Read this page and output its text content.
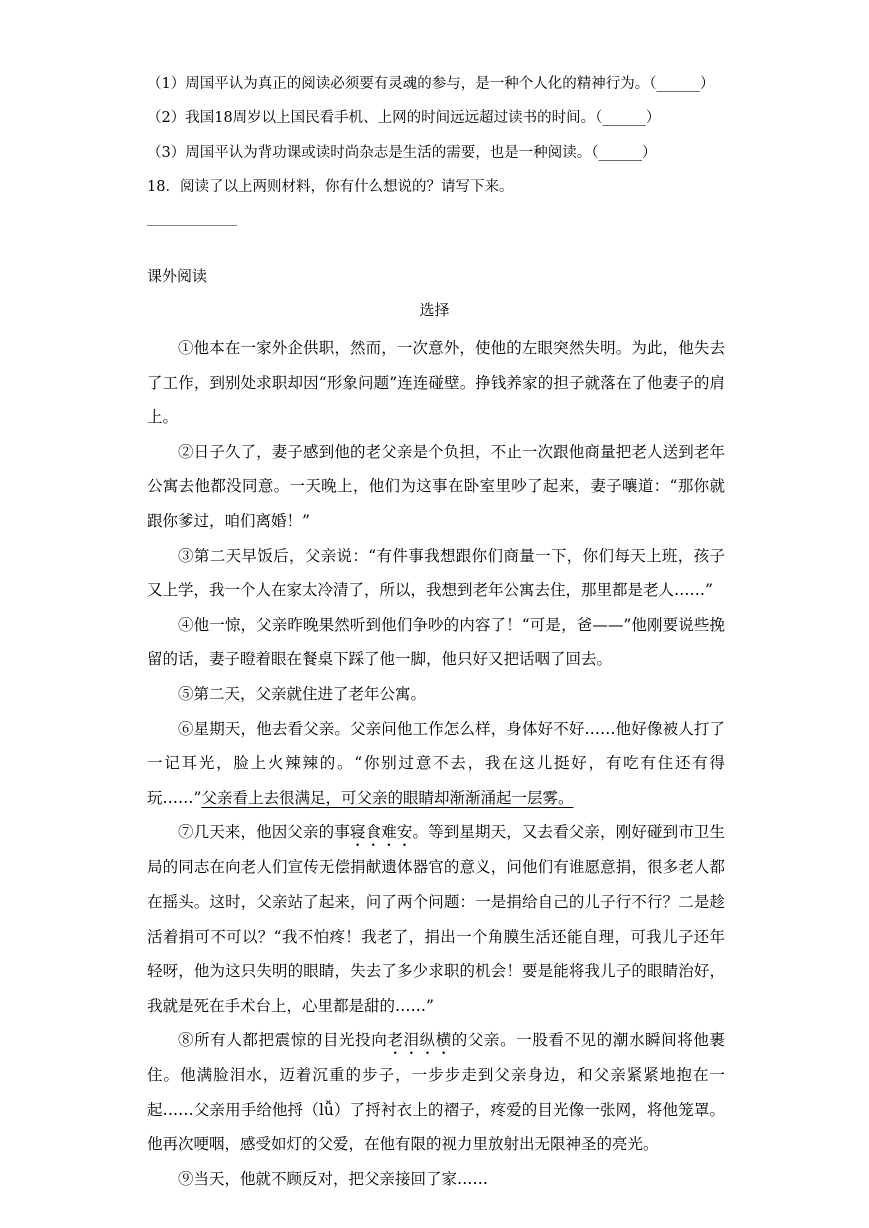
（1）周国平认为真正的阅读必须要有灵魂的参与，是一种个人化的精神行为。（______）
（2）我国18周岁以上国民看手机、上网的时间远远超过读书的时间。（______）
（3）周国平认为背功课或读时尚杂志是生活的需要，也是一种阅读。（______）
18．阅读了以上两则材料，你有什么想说的？请写下来。
课外阅读
选择

①他本在一家外企供职，然而，一次意外，使他的左眼突然失明。为此，他失去了工作，到别处求职却因“形象问题”连连碰壁。挣钱养家的担子就落在了他妻子的肩上。

②日子久了，妻子感到他的老父亲是个负担，不止一次跟他商量把老人送到老年公寓去他都没同意。一天晚上，他们为这事在卧室里吵了起来，妻子嚷道：“那你就跟你爹过，咱们离婚！”

③第二天早饭后，父亲说：“有件事我想跟你们商量一下，你们每天上班，孩子又上学，我一个人在家太冷清了，所以，我想到老年公寓去住，那里都是老人……”

④他一惊，父亲昨晚果然听到他们争吵的内容了！“可是，爸——”他刚要说些挽留的话，妻子瞪着眼在餐桌下踩了他一脚，他只好又把话咽了回去。

⑤第二天，父亲就住进了老年公寓。

⑥星期天，他去看父亲。父亲问他工作怎么样，身体好不好……他好像被人打了一记耳光，脸上火辣辣的。“你别过意不去，我在这儿挺好，有吃有住还有得玩……”父亲看上去很满足，可父亲的眼睛却渐渐涌起一层雾。

⑦几天来，他因父亲的事寝食难安。等到星期天，又去看父亲，刚好碰到市卫生局的同志在向老人们宣传无偿捐献遗体器官的意义，问他们有谁愿意捐，很多老人都在摇头。这时，父亲站了起来，问了两个问题：一是捐给自己的儿子行不行？二是趁活着捐可不可以？“我不怕疼！我老了，捐出一个角膜生活还能自理，可我儿子还年轻呀，他为这只失明的眼睛，失去了多少求职的机会！要是能将我儿子的眼睛治好，我就是死在手术台上，心里都是甜的……”

⑧所有人都把震惊的目光投向老泪纵横的父亲。一股看不见的潮水瞬间将他裹住。他满脸泪水，迈着沉重的步子，一步步走到父亲身边，和父亲紧紧地抱在一起……父亲用手给他捋（lǚ）了捋衬衣上的褶子，疼爱的目光像一张网，将他笼罩。他再次哽咽，感受如灯的父爱，在他有限的视力里放射出无限神圣的亮光。

⑨当天，他就不顾反对，把父亲接回了家……
